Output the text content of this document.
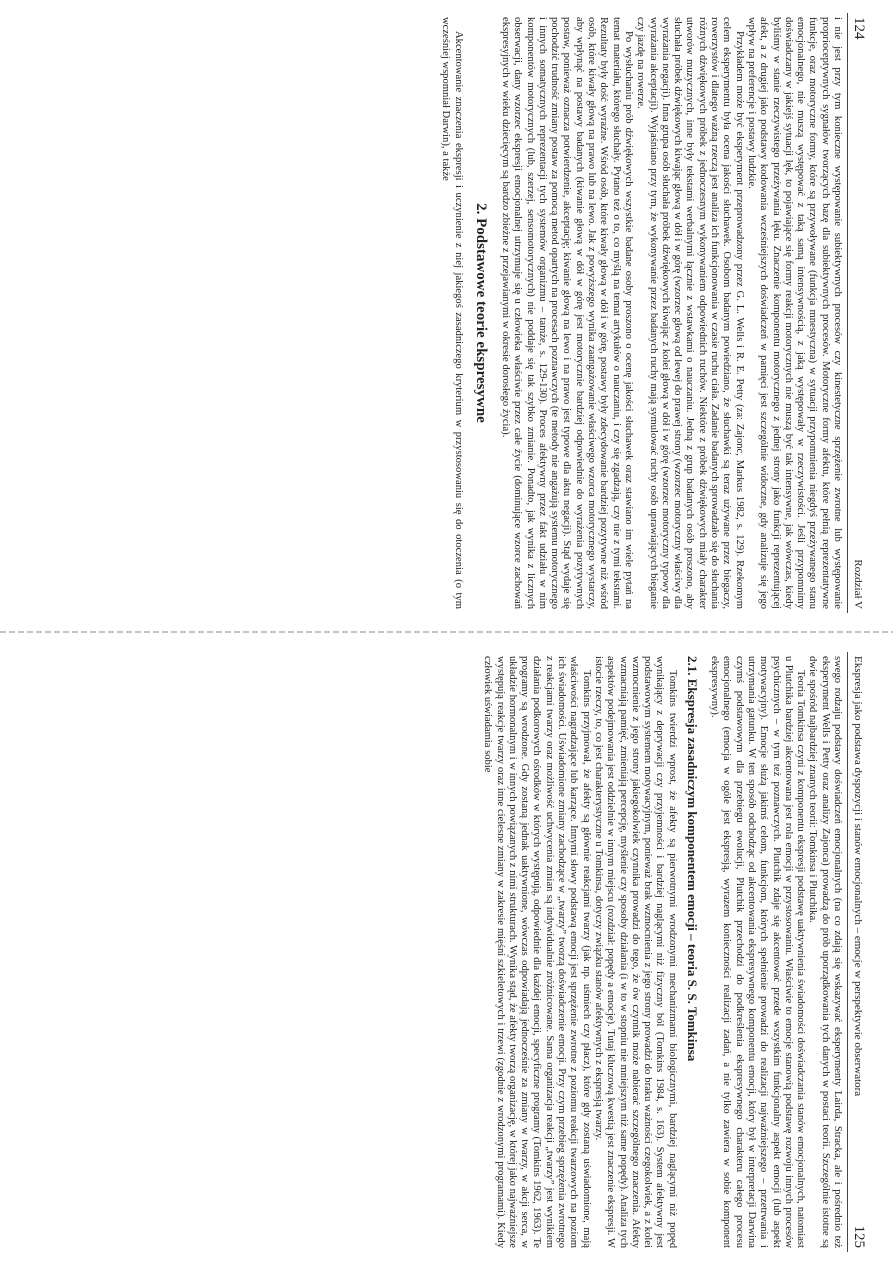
124
Rozdział V

i nie jest przy tym konieczne występowanie subiektywnych procesów czy kinestetyczne sprzężenie zwrotne lub występowanie proprioceptywnych sygnałów tworzących bazę dla subiektywnych procesów. Motoryczne formy afektu, które pełnią reprezentatywne funkcje, oraz motoryczne formy, które są przywoływane (funkcja mnestyczna) w sytuacji przypomnienia niegdyś przeżywanego stanu emocjonalnego, nie muszą występować z taką samą intensywnością, z jaką występowały w rzeczywistości. Jeśli przypomnimy doświadczany w jakiejś sytuacji lęk, to pojawiające się formy reakcji motorycznych nie muszą być tak intensywne, jak wówczas, kiedy byliśmy w stanie rzeczywistego przeżywania lęku. Znaczenie komponentu motorycznego z jednej strony jako funkcji reprezentującej afekt, a z drugiej jako podstawy kodowania wcześniejszych doświadczeń w pamięci jest szczególnie widoczne, gdy analizuje się jego wpływ na preferencje i postawy ludzkie.

Przykładem może być eksperyment przeprowadzony przez G. L. Wells i R. E. Petty (za: Zajonc, Markus 1982, s. 129). Rzekomym celem eksperymentu była ocena jakości słuchawek. Osobom badanym powiedziano, że słuchawki są teraz używane przez biegaczy, rowerzystów i dlatego ważną rzeczą jest analiza ich funkcjonowania w czasie ruchu ciała. Zadanie badanych sprowadzało się do słuchania różnych dźwiękowych próbek z jednoczesnym wykonywaniem odpowiednich ruchów. Niektóre z próbek dźwiękowych miały charakter utworów muzycznych, inne były tekstami werbalnymi łącznie z wstawkami o nauczaniu. Jedną z grup badanych osób proszono, aby słuchała próbek dźwiękowych kiwając głową w dół i w górę (wzorzec głową od lewej do prawej strony (wzorzec motoryczny właściwy dla wyrażania negacji). Inna grupa osób słuchała próbek dźwiękowych kiwając z kolei głową w dół i w górę (wzorzec motoryczny typowy dla wyrażania akceptacji). Wyjaśniano przy tym, że wykonywanie przez badanych ruchy mają symulować ruchy osób uprawiających bieganie czy jazdę na rowerze.

Po wysłuchaniu prób dźwiękowych wszystkie badane osoby proszono o ocenę jakości słuchawek oraz stawiano im wiele pytań na temat materiału, którego słuchały. Pytano też o to, co myślą na temat artykułów o nauczaniu, i czy się zgadzają, czy nie z tymi tekstami. Rezultaty były dość wyraźne. Wśród osób, które kiwały głową w dół i w górę, postawy były zdecydowanie bardziej pozytywne niż wśród osób, które kiwały głową na prawo lub na lewo. Jak z powyższego wynika zaangażowanie właściwego wzorca motorycznego wystarczy, aby wpłynąć na postawy badanych (kiwanie głową w dół w górę jest motorycznie bardziej odpowiednie do wyrażenia pozytywnych postaw, ponieważ oznacza potwierdzenie, akceptację; kiwanie głową na lewo i na prawo jest typowe dla aktu negacji). Stąd wydaje się pochodzić trudność zmiany postaw za pomocą metod opartych na procesach poznawczych (te metody nie angażują systemu motorycznego i innych somatycznych reprezentacji tych systemów organizmu – tamże, s. 129-130). Proces afektywny przez fakt udziału w nim komponentów motorycznych (lub, szerzej, sensomotorycznych) nie poddaje się tak szybko zmianie. Ponadto, jak wynika z licznych obserwacji, dany wzorzec ekspresji emocjonalnej utrzymuje się u człowieka właściwie przez całe życie (dominujące wzorce zachowań ekspresyjnych w wieku dziecięcym są bardzo zbieżne z przejawianymi w okresie dorosłego życia).

2. Podstawowe teorie ekspresywne

Akcentowanie znaczenia ekspresji i uczynienie z niej jakiegoś zasadniczego kryterium w przystosowaniu się do otoczenia (o tym wcześniej wspomniał Darwin), a także

Ekspresja jako podstawa dyspozycji i stanów emocjonalnych – emocje w perspektywie obserwatora
125

swego rodzaju podstawy doświadczeń emocjonalnych (na co zdają się wskazywać eksperymenty Lairda, Strackа, ale i pośrednio też eksperyment Wells i Petty oraz analizy Zajonca) prowadzą do prób uporządkowania tych danych w postaci teorii. Szczególnie istotne są dwie spośród najbardziej znanych teorii: Tomkinsa i Plutchika.

Teoria Tomkinsa czyni z komponentu ekspresji podstawę uaktywnienia świadomości doświadczania stanów emocjonalnych, natomiast u Plutchika bardziej akcentowana jest rola emocji w przystosowaniu. Właściwie to emocje stanowią podstawę rozwoju innych procesów psychicznych – w tym też poznawczych. Plutchik zdaje się akcentować przede wszystkim funkcjonalny aspekt emocji (lub aspekt motywacyjny). Emocje służą jakimś celom, funkcjom, których spełnienie prowadzi do realizacji najważniejszego – przetrwania i utrzymania gatunku. W ten sposób odchodząc od akcentowania ekspresywnego komponentu emocji, który był w interpretacji Darwina czymś podstawowym dla przebiegu ewolucji, Plutchik przechodzi do podkreślenia ekspresywnego charakteru całego procesu emocjonalnego (emocja w ogóle jest ekspresją, wyrazem konieczności realizacji zadań, a nie tylko zawiera w sobie komponent ekspresywny).

2.1. Ekspresja zasadniczym komponentem emocji – teoria S. S. Tomkinsa

Tomkins twierdzi wprost, że afekty są pierwotnymi wrodzonymi mechanizmami biologicznymi, bardziej naglącymi niż popęd wynikający z deprywacji czy przyjemności i bardziej naglącymi niż fizyczny ból (Tomkins 1984, s. 163). System afektywny jest podstawowym systemem motywacyjnym, ponieważ brak wzmocnienia z jego strony prowadzi do braku ważności czegokolwiek, a z kolei wzmocnienie z jego strony jakiegokolwiek czynnika prowadzi do tego, że ów czynnik może nabierać szczególnego znaczenia. Afekty wzmacniają pamięć, zmieniają percepcję, myślenie czy sposoby działania (i w to w stopniu nie mniejszym niż same popędy). Analiza tych aspektów podejmowania jest oddzielnie w innym miejscu (rozdział: popędy a emocje). Tutaj kluczową kwestią jest znaczenie ekspresji. W istocie rzeczy, to, co jest charakterystyczne u Tomkinsa, dotyczy związku stanów afektywnych z ekspresją twarzy.

Tomkins przyjmował, że afekty są głównie reakcjami twarzy (jak np. uśmiech czy płacz), które gdy zostaną uświadomione, mają właściwości nagradzające lub karzące. Innymi słowy podstawą emocji jest sprzężenie zwrotne z poziomu reakcji twarzowych na poziom ich świadomości. Uświadomione zmiany zachodzące w „twarzy” tworzą doświadczenie emocji. Przy czym przebieg sprzężenia zwrotnego z reakcjami twarzy oraz możliwość uchwycenia zmian są indywidualnie zróżnicowane. Sama organizacja reakcji „twarzy” jest wynikiem działania podkorowych ośrodków w których występują, odpowiednie dla każdej emocji, specyficzne programy (Tomkins 1962, 1963). Te programy są wrodzone. Gdy zostaną jednak uaktywnione, wówczas odpowiadają jednocześnie za zmiany w twarzy, w akcji serca, w układzie hormonalnym i w innych powiązanych z nimi strukturach. Wynika stąd, że afekty tworzą organizację, w której jako najważniejsze występują reakcje twarzy oraz inne cielesne zmiany w zakresie mięśni szkieletowych i trzewi (zgodnie z wrodzonymi programami). Kiedy człowiek uświadamia sobie
